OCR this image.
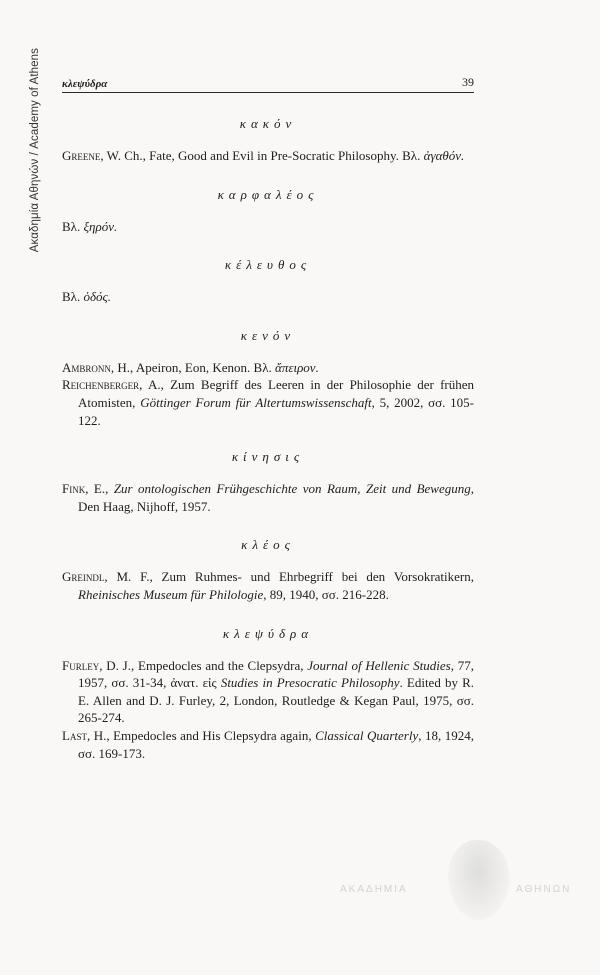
Ακαδημία Αθηνών / Academy of Athens κλεψύδρα	39
κακόν
Greene, W. Ch., Fate, Good and Evil in Pre-Socratic Philosophy. Βλ. ἀγαθόν.
καρφαλέος
Βλ. ξηρόν.
κέλευθος
Βλ. ὁδός.
κενόν
Ambronn, H., Apeiron, Eon, Kenon. Βλ. ἄπειρον.
Reichenberger, A., Zum Begriff des Leeren in der Philosophie der frühen Atomisten, Göttinger Forum für Altertumswissenschaft, 5, 2002, σσ. 105-122.
κίνησις
Fink, E., Zur ontologischen Frühgeschichte von Raum, Zeit und Bewegung, Den Haag, Nijhoff, 1957.
κλέος
Greindl, M. F., Zum Ruhmes- und Ehrbegriff bei den Vorsokratikern, Rheinisches Museum für Philologie, 89, 1940, σσ. 216-228.
κλεψύδρα
Furley, D. J., Empedocles and the Clepsydra, Journal of Hellenic Studies, 77, 1957, σσ. 31-34, ἀνατ. εἰς Studies in Presocratic Philosophy. Edited by R. E. Allen and D. J. Furley, 2, London, Routledge & Kegan Paul, 1975, σσ. 265-274.
Last, H., Empedocles and His Clepsydra again, Classical Quarterly, 18, 1924, σσ. 169-173.
ΑΚΑΔΗΜΙΑ	ΑΘΗΝΩΝ
